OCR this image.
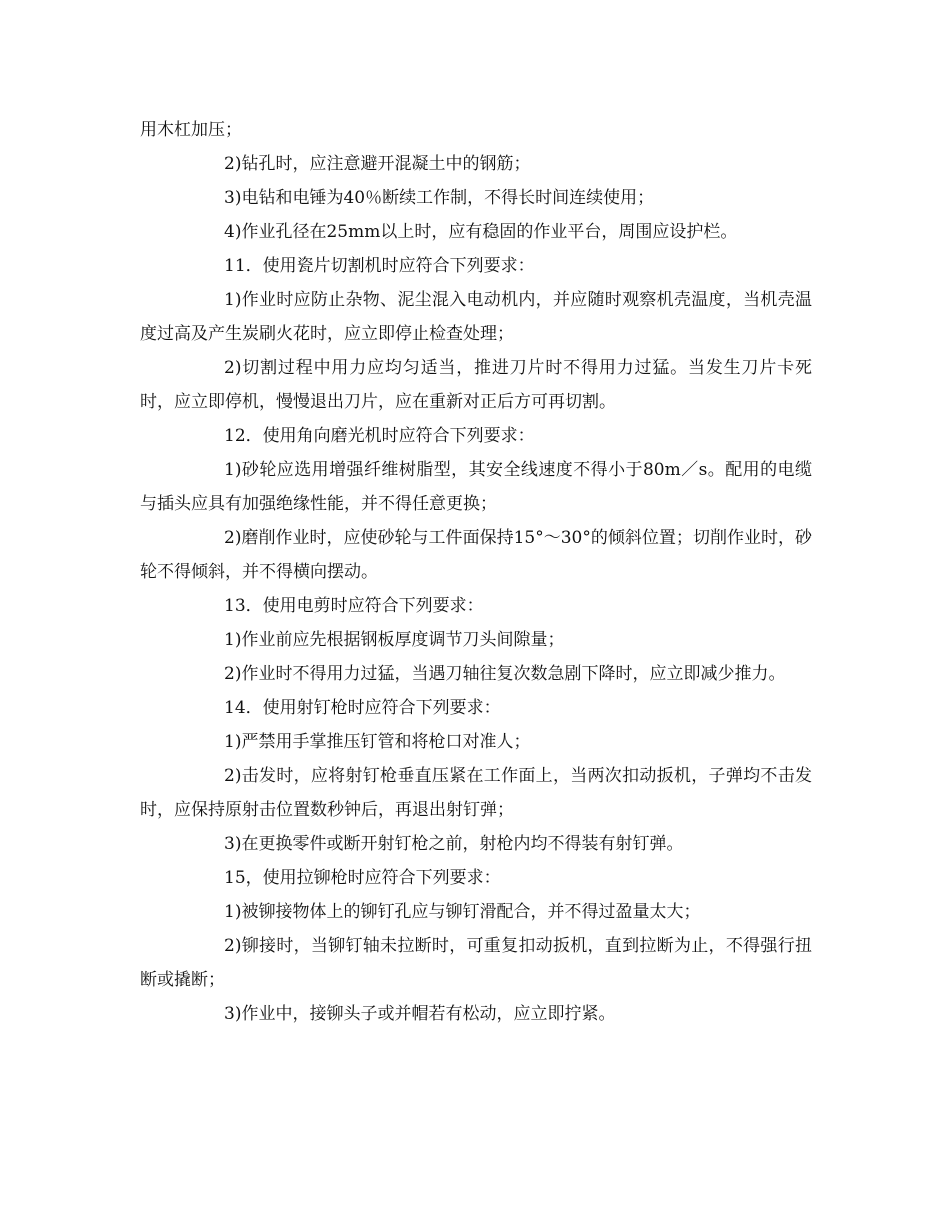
用木杠加压；

2)钻孔时，应注意避开混凝土中的钢筋；

3)电钻和电锤为40％断续工作制，不得长时间连续使用；

4)作业孔径在25mm以上时，应有稳固的作业平台，周围应设护栏。

11．使用瓷片切割机时应符合下列要求：

1)作业时应防止杂物、泥尘混入电动机内，并应随时观察机壳温度，当机壳温度过高及产生炭刷火花时，应立即停止检查处理；

2)切割过程中用力应均匀适当，推进刀片时不得用力过猛。当发生刀片卡死时，应立即停机，慢慢退出刀片，应在重新对正后方可再切割。

12．使用角向磨光机时应符合下列要求：

1)砂轮应选用增强纤维树脂型，其安全线速度不得小于80m／s。配用的电缆与插头应具有加强绝缘性能，并不得任意更换；

2)磨削作业时，应使砂轮与工件面保持15°～30°的倾斜位置；切削作业时，砂轮不得倾斜，并不得横向摆动。

13．使用电剪时应符合下列要求：

1)作业前应先根据钢板厚度调节刀头间隙量；

2)作业时不得用力过猛，当遇刀轴往复次数急剧下降时，应立即减少推力。

14．使用射钉枪时应符合下列要求：

1)严禁用手掌推压钉管和将枪口对准人；

2)击发时，应将射钉枪垂直压紧在工作面上，当两次扣动扳机，子弹均不击发时，应保持原射击位置数秒钟后，再退出射钉弹；

3)在更换零件或断开射钉枪之前，射枪内均不得装有射钉弹。

15，使用拉铆枪时应符合下列要求：

1)被铆接物体上的铆钉孔应与铆钉滑配合，并不得过盈量太大；

2)铆接时，当铆钉轴未拉断时，可重复扣动扳机，直到拉断为止，不得强行扭断或撬断；

3)作业中，接铆头子或并帽若有松动，应立即拧紧。
